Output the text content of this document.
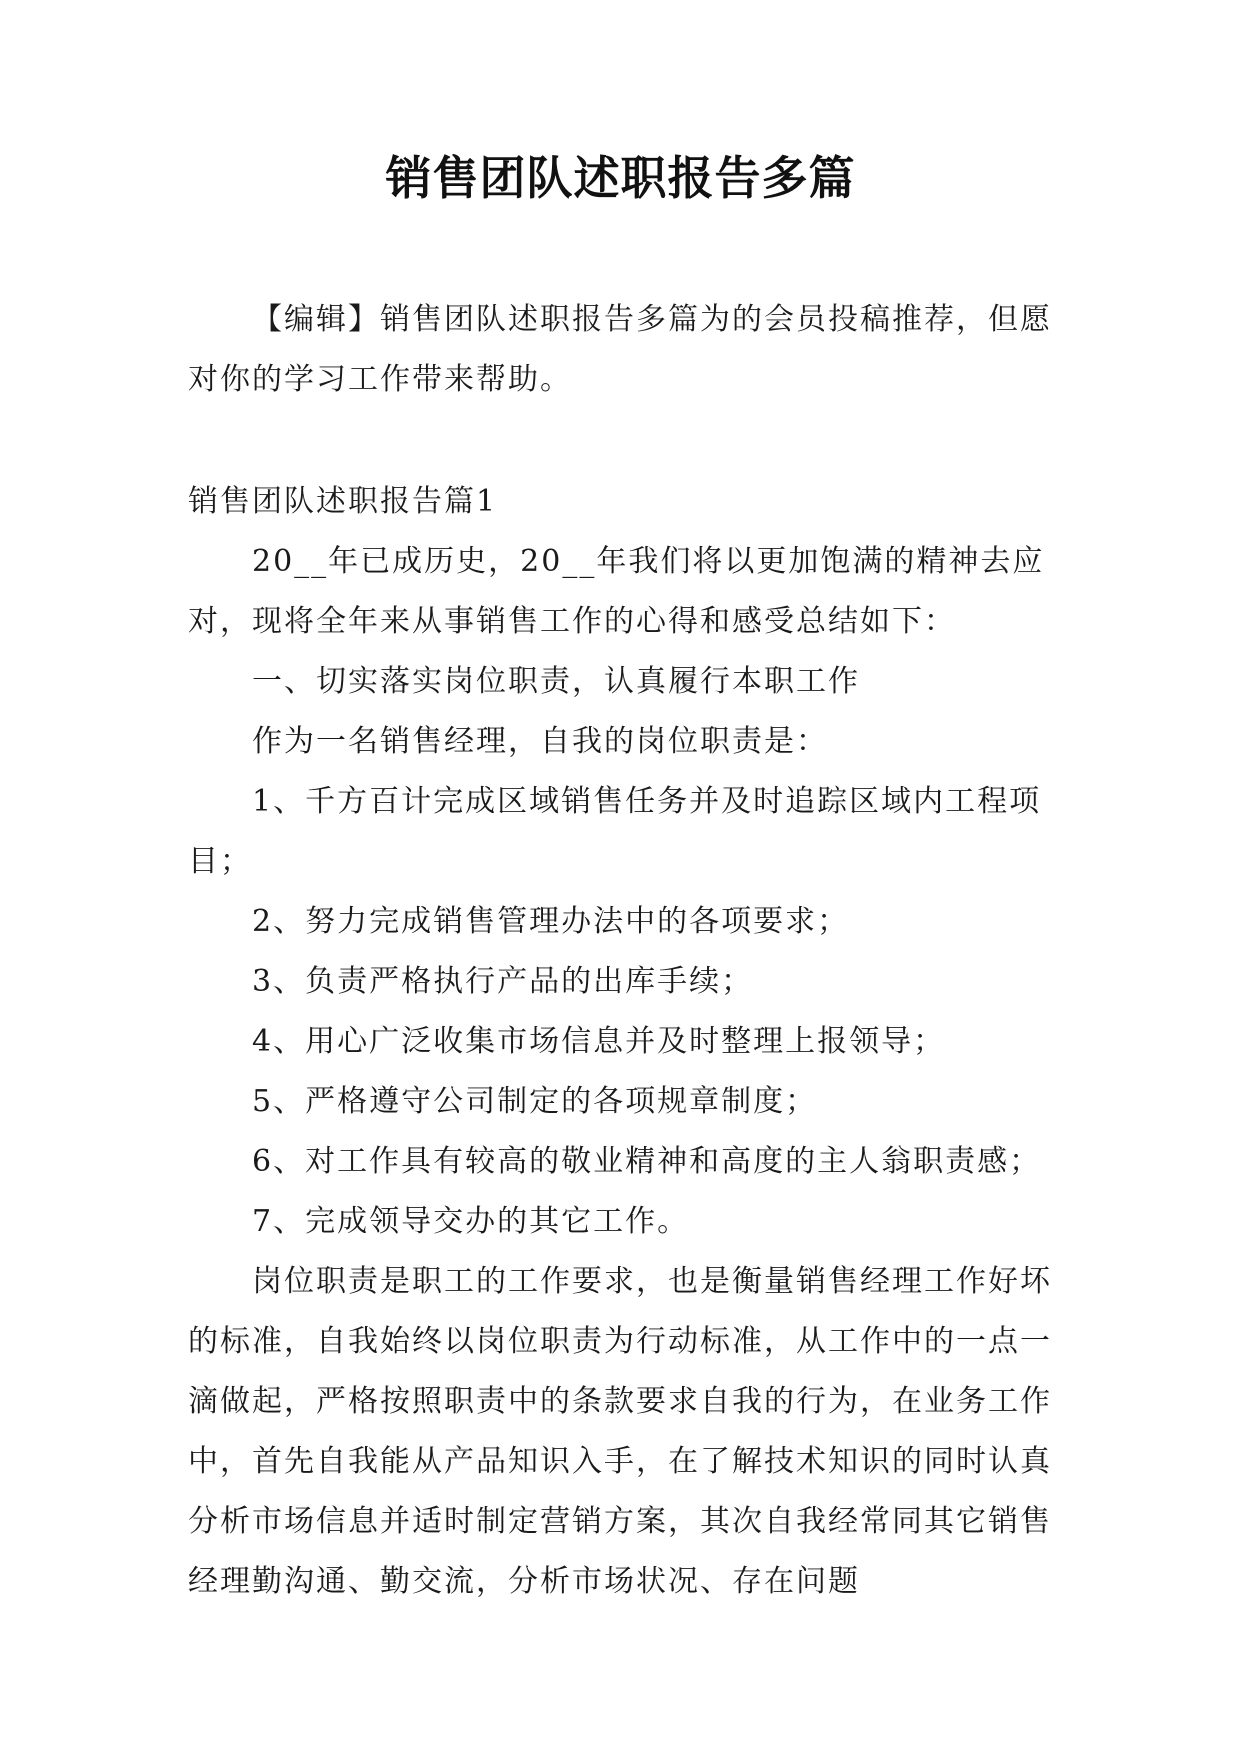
销售团队述职报告多篇

【编辑】销售团队述职报告多篇为的会员投稿推荐，但愿对你的学习工作带来帮助。

销售团队述职报告篇1

20__年已成历史，20__年我们将以更加饱满的精神去应对，现将全年来从事销售工作的心得和感受总结如下：

一、切实落实岗位职责，认真履行本职工作

作为一名销售经理，自我的岗位职责是：

1、千方百计完成区域销售任务并及时追踪区域内工程项目；

2、努力完成销售管理办法中的各项要求；

3、负责严格执行产品的出库手续；

4、用心广泛收集市场信息并及时整理上报领导；

5、严格遵守公司制定的各项规章制度；

6、对工作具有较高的敬业精神和高度的主人翁职责感；

7、完成领导交办的其它工作。

岗位职责是职工的工作要求，也是衡量销售经理工作好坏的标准，自我始终以岗位职责为行动标准，从工作中的一点一滴做起，严格按照职责中的条款要求自我的行为，在业务工作中，首先自我能从产品知识入手，在了解技术知识的同时认真分析市场信息并适时制定营销方案，其次自我经常同其它销售经理勤沟通、勤交流，分析市场状况、存在问题
